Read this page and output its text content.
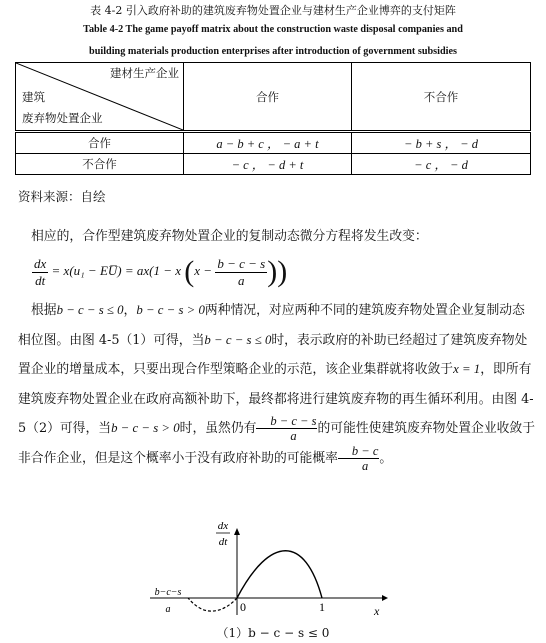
表 4-2 引入政府补助的建筑废弃物处置企业与建材生产企业博弈的支付矩阵
Table 4-2 The game payoff matrix about the construction waste disposal companies and
building materials production enterprises after introduction of government subsidies
建材生产企业
建筑
废弃物处置企业	合作	不合作
合作	a − b + c ， − a + t	− b + s ， − d
不合作	− c ， − d + t	− c ， − d
资料来源：自绘
相应的，合作型建筑废弃物处置企业的复制动态微分方程将发生改变：
$\frac{dx}{dt} = x(u_1$ − EU̅) = ax(1 − x ($x - \frac{b - c - s}{a}$ ))
根据b − c − s ≤ 0，b − c − s > 0两种情况，对应两种不同的建筑废弃物处置企业复制动态相位图。由图 4-5（1）可得，当b − c − s ≤ 0时，表示政府的补助已经超过了建筑废弃物处置企业的增量成本，只要出现合作型策略企业的示范，该企业集群就将收敛于x = 1，即所有建筑废弃物处置企业在政府高额补助下，最终都将进行建筑废弃物的再生循环利用。由图 4-5（2）可得，当b − c − s > 0时，虽然仍有 $\frac{b - c - s}{a}$ 的可能性使建筑废弃物处置企业收敛于非合作企业，但是这个概率小于没有政府补助的可能概率 $\frac{b - c}{a}$ 。
dx
dt
x
0	1
b−c−s
a
（1）b − c − s ≤ 0
